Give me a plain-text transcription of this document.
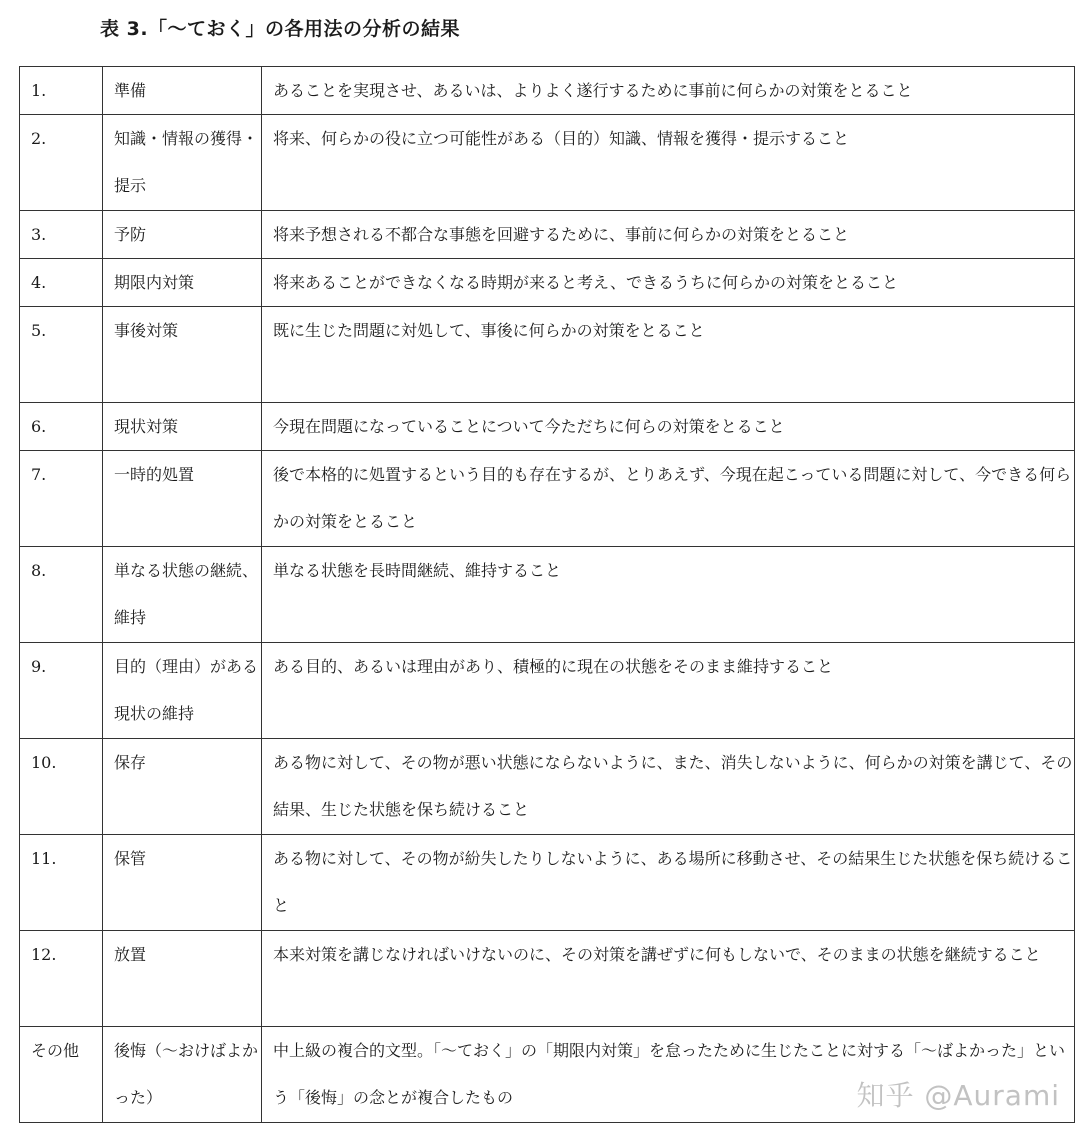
表 3.「〜ておく」の各用法の分析の結果
1.	準備	あることを実現させ、あるいは、よりよく遂行するために事前に何らかの対策をとること

2.	知識・情報の獲得・提示	将来、何らかの役に立つ可能性がある（目的）知識、情報を獲得・提示すること

3.	予防	将来予想される不都合な事態を回避するために、事前に何らかの対策をとること

4.	期限内対策	将来あることができなくなる時期が来ると考え、できるうちに何らかの対策をとること

5.	事後対策	既に生じた問題に対処して、事後に何らかの対策をとること

6.	現状対策	今現在問題になっていることについて今ただちに何らの対策をとること

7.	一時的処置	後で本格的に処置するという目的も存在するが、とりあえず、今現在起こっている問題に対して、今できる何らかの対策をとること

8.	単なる状態の継続、維持	単なる状態を長時間継続、維持すること

9.	目的（理由）がある現状の維持	ある目的、あるいは理由があり、積極的に現在の状態をそのまま維持すること

10.	保存	ある物に対して、その物が悪い状態にならないように、また、消失しないように、何らかの対策を講じて、その結果、生じた状態を保ち続けること

11.	保管	ある物に対して、その物が紛失したりしないように、ある場所に移動させ、その結果生じた状態を保ち続けること

12.	放置	本来対策を講じなければいけないのに、その対策を講ぜずに何もしないで、そのままの状態を継続すること

その他	後悔（〜おけばよかった）	中上級の複合的文型。「〜ておく」の「期限内対策」を怠ったために生じたことに対する「〜ばよかった」という「後悔」の念とが複合したもの	知乎 @Aurami
